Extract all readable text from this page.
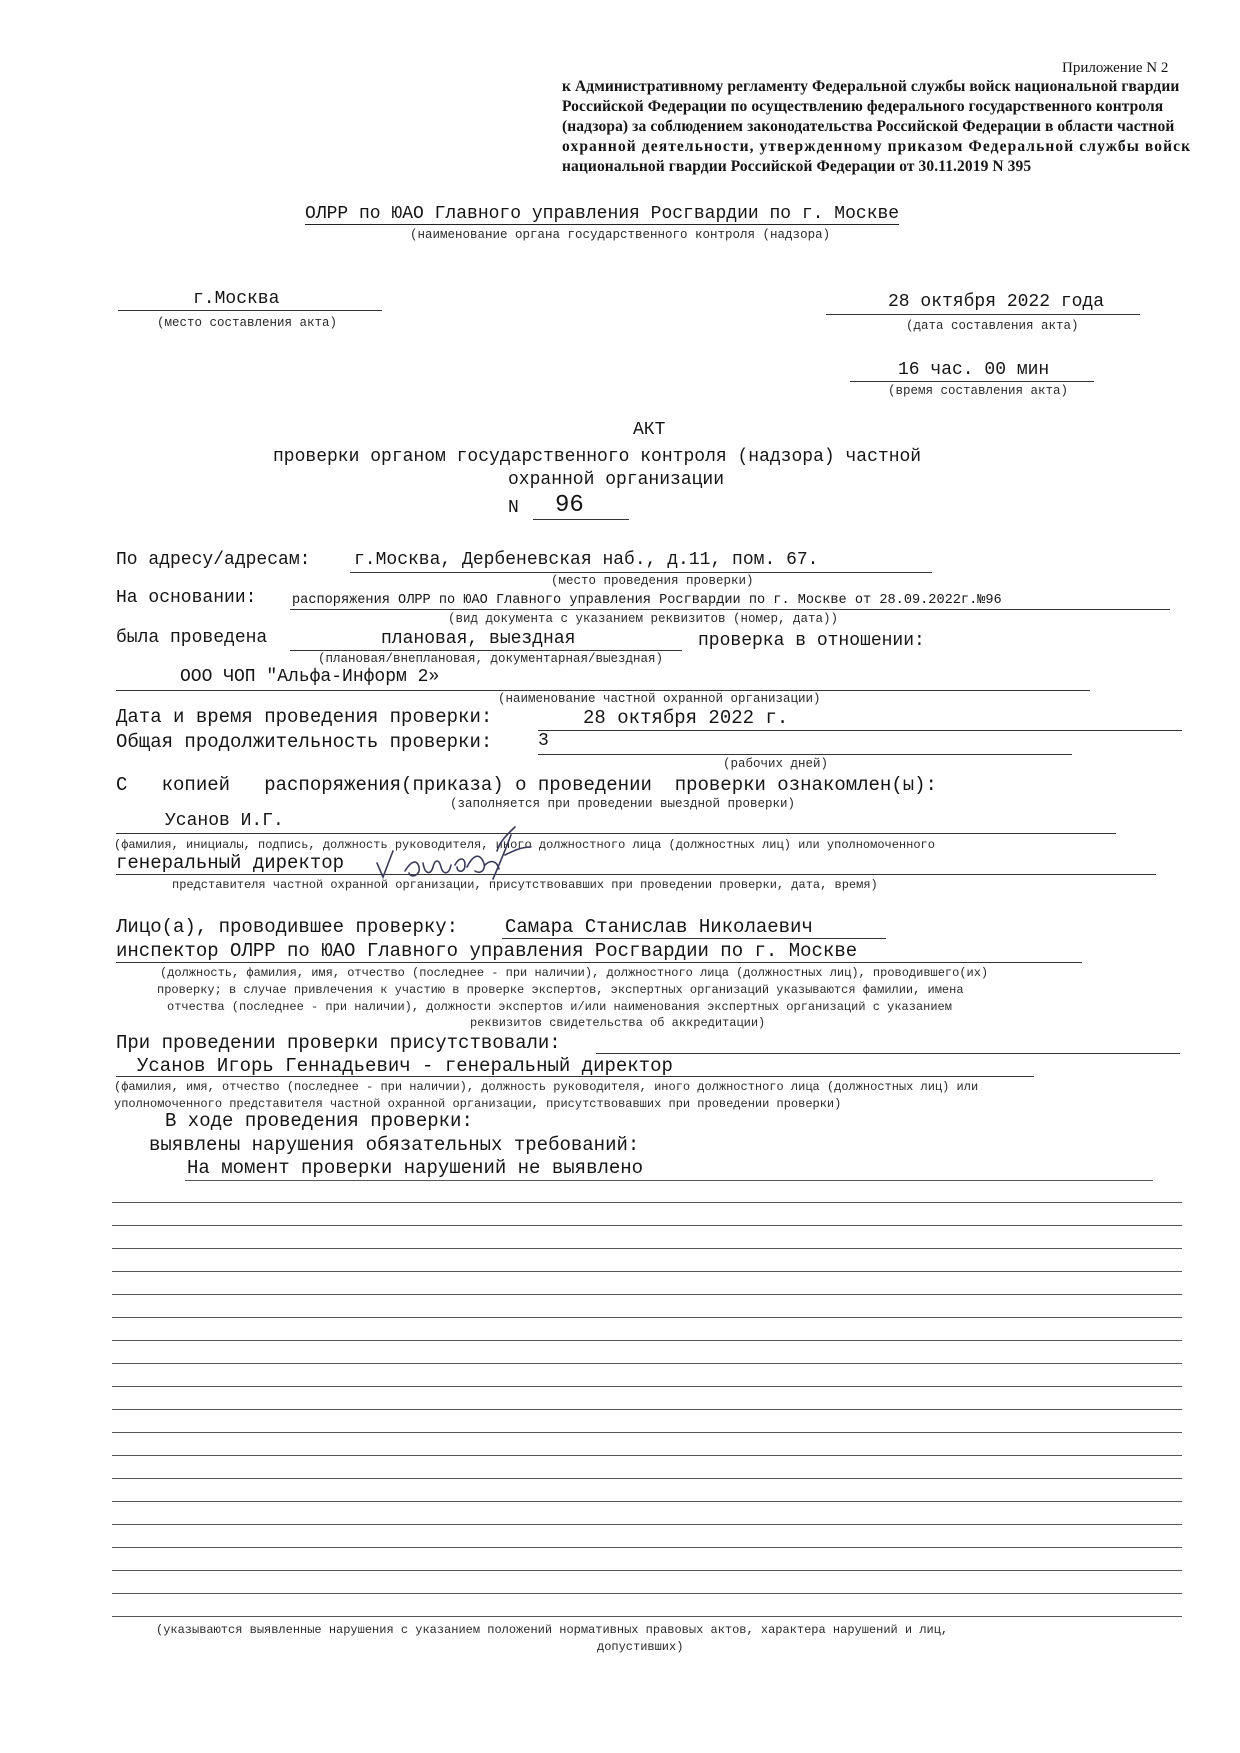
Приложение N 2
к Административному регламенту Федеральной службы войск национальной гвардии
Российской Федерации по осуществлению федерального государственного контроля
(надзора) за соблюдением законодательства Российской Федерации в области частной
охранной деятельности, утвержденному приказом Федеральной службы войск
национальной гвардии Российской Федерации от 30.11.2019 N 395
ОЛРР по ЮАО Главного управления Росгвардии по г. Москве
(наименование органа государственного контроля (надзора)
г.Москва
(место составления акта)
28 октября 2022 года
(дата составления акта)
16 час. 00 мин
(время составления акта)
АКТ
проверки органом государственного контроля (надзора) частной
охранной организации
N 96
По адресу/адресам: г.Москва, Дербеневская наб., д.11, пом. 67.
(место проведения проверки)
На основании:	распоряжения ОЛРР по ЮАО Главного управления Росгвардии по г. Москве от 28.09.2022г.№96
(вид документа с указанием реквизитов (номер, дата))
была проведена	плановая, выездная	проверка в отношении:
(плановая/внеплановая, документарная/выездная)
ООО ЧОП "Альфа-Информ 2»
(наименование частной охранной организации)
Дата и время проведения проверки:	28 октября 2022 г.
Общая продолжительность проверки:	3
(рабочих дней)
С   копией   распоряжения(приказа) о проведении  проверки ознакомлен(ы):
(заполняется при проведении выездной проверки)
Усанов И.Г.
(фамилия, инициалы, подпись, должность руководителя, иного должностного лица (должностных лиц) или уполномоченного
генеральный директор
представителя частной охранной организации, присутствовавших при проведении проверки, дата, время)
Лицо(а), проводившее проверку: Самара Станислав Николаевич
инспектор ОЛРР по ЮАО Главного управления Росгвардии по г. Москве
(должность, фамилия, имя, отчество (последнее - при наличии), должностного лица (должностных лиц), проводившего(их)
проверку; в случае привлечения к участию в проверке экспертов, экспертных организаций указываются фамилии, имена
отчества (последнее - при наличии), должности экспертов и/или наименования экспертных организаций с указанием
реквизитов свидетельства об аккредитации)
При проведении проверки присутствовали:
Усанов Игорь Геннадьевич - генеральный директор
(фамилия, имя, отчество (последнее - при наличии), должность руководителя, иного должностного лица (должностных лиц) или
уполномоченного представителя частной охранной организации, присутствовавших при проведении проверки)
В ходе проведения проверки:
выявлены нарушения обязательных требований:
На момент проверки нарушений не выявлено
(указываются выявленные нарушения с указанием положений нормативных правовых актов, характера нарушений и лиц,
допустивших)
